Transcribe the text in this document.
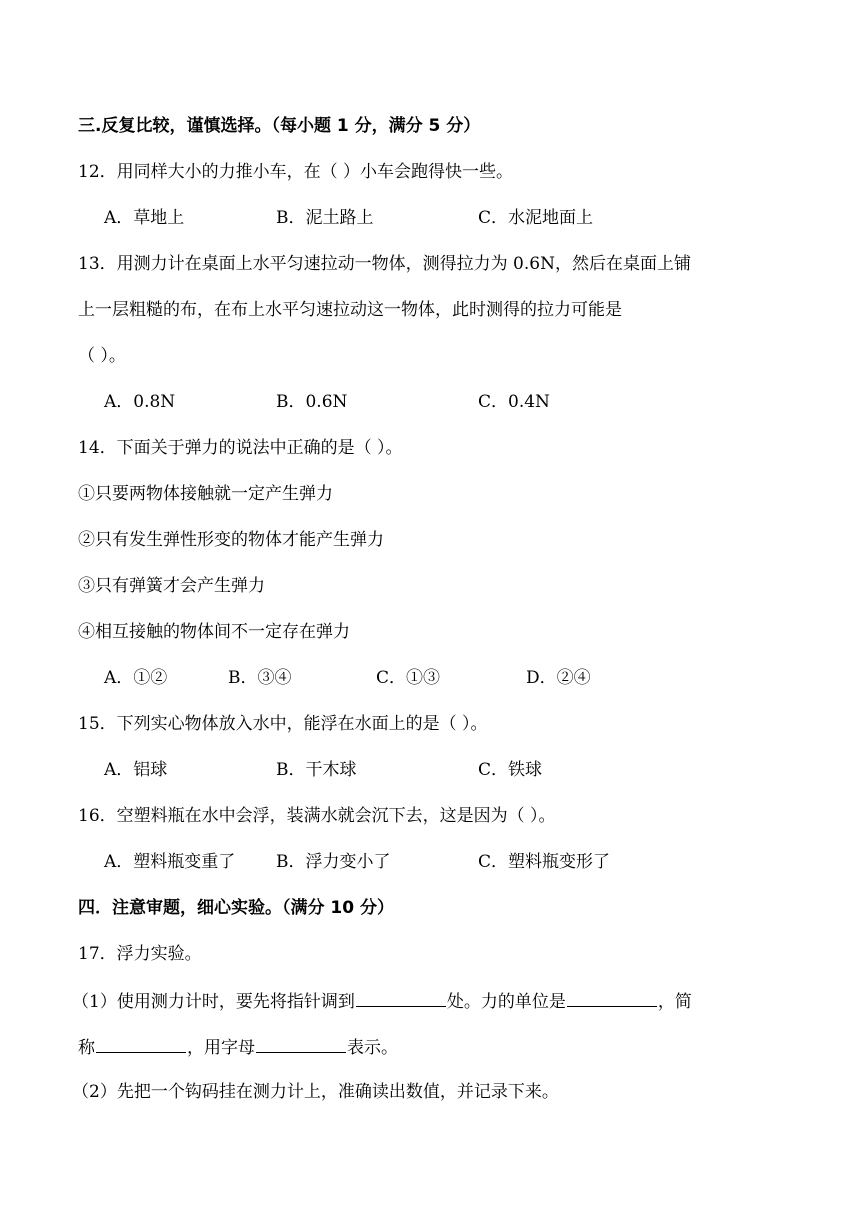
三.反复比较，谨慎选择。（每小题 1 分，满分 5 分）
12．用同样大小的力推小车，在（ ）小车会跑得快一些。
A．草地上	B．泥土路上	C．水泥地面上
13．用测力计在桌面上水平匀速拉动一物体，测得拉力为 0.6N，然后在桌面上铺
上一层粗糙的布，在布上水平匀速拉动这一物体，此时测得的拉力可能是
（ ）。
A．0.8N	B．0.6N	C．0.4N
14．下面关于弹力的说法中正确的是（ ）。
①只要两物体接触就一定产生弹力
②只有发生弹性形变的物体才能产生弹力
③只有弹簧才会产生弹力
④相互接触的物体间不一定存在弹力
A．①②	B．③④	C．①③	D．②④
15．下列实心物体放入水中，能浮在水面上的是（ ）。
A．铝球	B．干木球	C．铁球
16．空塑料瓶在水中会浮，装满水就会沉下去，这是因为（ ）。
A．塑料瓶变重了 B．浮力变小了	C．塑料瓶变形了
四．注意审题，细心实验。（满分 10 分）
17．浮力实验。
（1）使用测力计时，要先将指针调到	处。力的单位是	，简
称	，用字母	表示。
（2）先把一个钩码挂在测力计上，准确读出数值，并记录下来。
